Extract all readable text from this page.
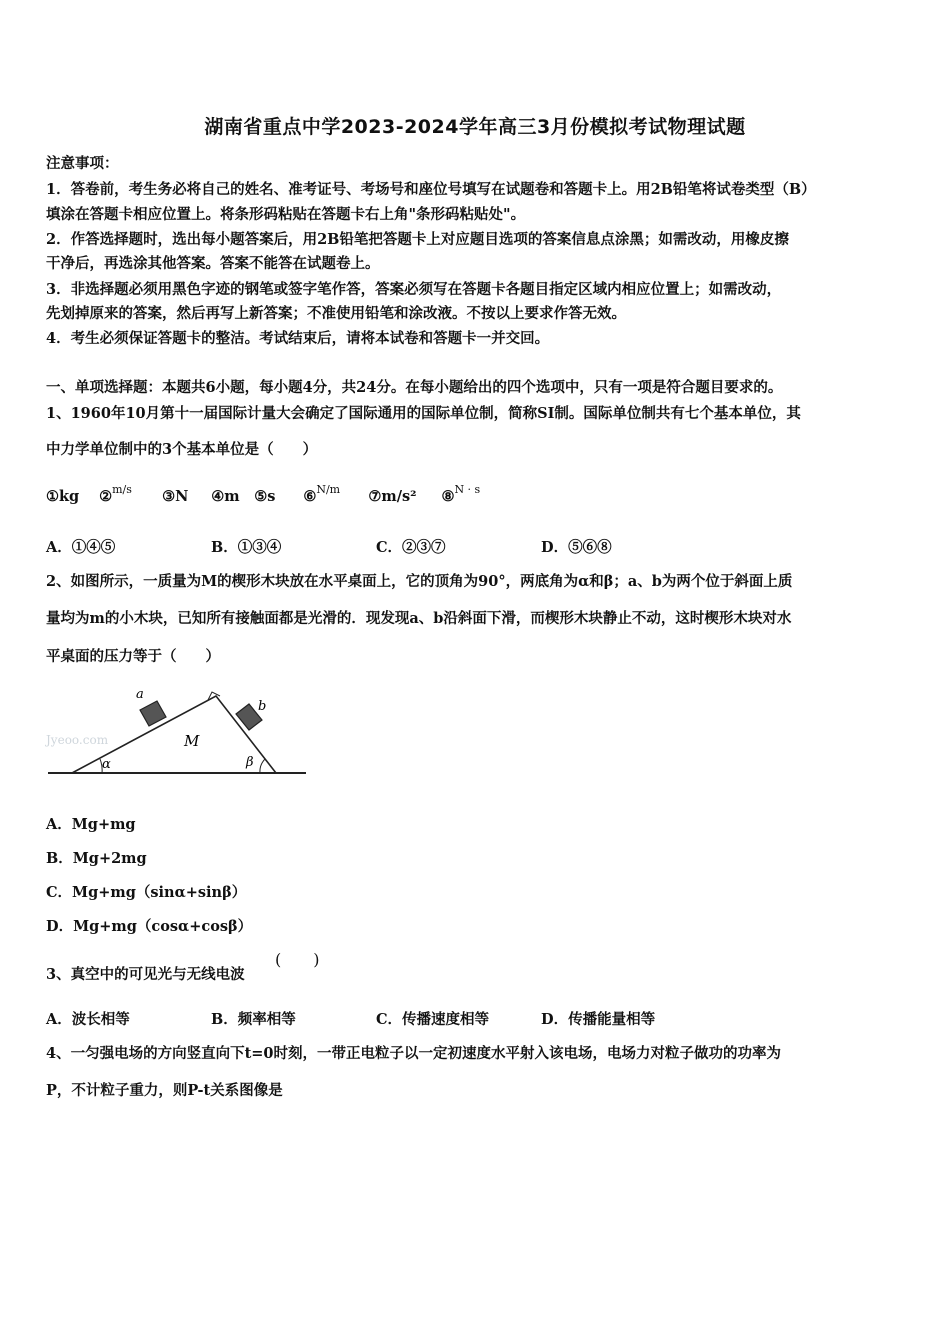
湖南省重点中学2023-2024学年高三3月份模拟考试物理试题
注意事项：
1．答卷前，考生务必将自己的姓名、准考证号、考场号和座位号填写在试题卷和答题卡上。用2B铅笔将试卷类型（B）
填涂在答题卡相应位置上。将条形码粘贴在答题卡右上角"条形码粘贴处"。
2．作答选择题时，选出每小题答案后，用2B铅笔把答题卡上对应题目选项的答案信息点涂黑；如需改动，用橡皮擦
干净后，再选涂其他答案。答案不能答在试题卷上。
3．非选择题必须用黑色字迹的钢笔或签字笔作答，答案必须写在答题卡各题目指定区域内相应位置上；如需改动，
先划掉原来的答案，然后再写上新答案；不准使用铅笔和涂改液。不按以上要求作答无效。
4．考生必须保证答题卡的整洁。考试结束后，请将本试卷和答题卡一并交回。
一、单项选择题：本题共6小题，每小题4分，共24分。在每小题给出的四个选项中，只有一项是符合题目要求的。
1、1960年10月第十一届国际计量大会确定了国际通用的国际单位制，简称SI制。国际单位制共有七个基本单位，其
中力学单位制中的3个基本单位是（　　）
①kg ②$^{m/s}$ ③N ④m ⑤s ⑥$^{N/m}$ ⑦m/s² ⑧$^{N \cdot s}$
A．①④⑤	B．①③④	C．②③⑦	D．⑤⑥⑧
2、如图所示，一质量为M的楔形木块放在水平桌面上，它的顶角为90°，两底角为α和β；a、b为两个位于斜面上质
量均为m的小木块，已知所有接触面都是光滑的．现发现a、b沿斜面下滑，而楔形木块静止不动，这时楔形木块对水
平桌面的压力等于（　　）
a
b
M
α	β
Jyeoo.com
A．Mg+mg
B．Mg+2mg
C．Mg+mg（sinα+sinβ）
D．Mg+mg（cosα+cosβ）
3、真空中的可见光与无线电波
(　　)
A．波长相等	B．频率相等	C．传播速度相等	D．传播能量相等
4、一匀强电场的方向竖直向下t=0时刻，一带正电粒子以一定初速度水平射入该电场，电场力对粒子做功的功率为
P，不计粒子重力，则P-t关系图像是
